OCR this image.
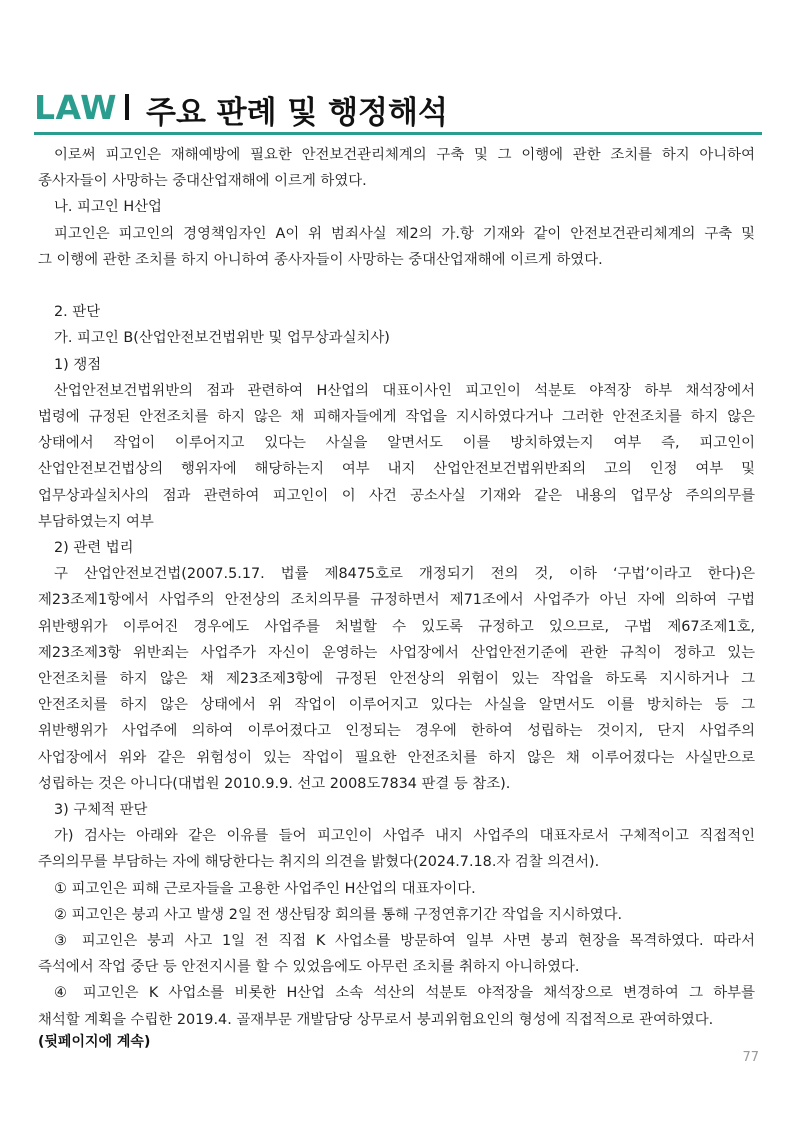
LAW 주요 판례 및 행정해석
이로써 피고인은 재해예방에 필요한 안전보건관리체계의 구축 및 그 이행에 관한 조치를 하지 아니하여
종사자들이 사망하는 중대산업재해에 이르게 하였다.
나. 피고인 H산업
피고인은 피고인의 경영책임자인 A이 위 범죄사실 제2의 가.항 기재와 같이 안전보건관리체계의 구축 및
그 이행에 관한 조치를 하지 아니하여 종사자들이 사망하는 중대산업재해에 이르게 하였다.
2. 판단
가. 피고인 B(산업안전보건법위반 및 업무상과실치사)
1) 쟁점
산업안전보건법위반의 점과 관련하여 H산업의 대표이사인 피고인이 석분토 야적장 하부 채석장에서
법령에 규정된 안전조치를 하지 않은 채 피해자들에게 작업을 지시하였다거나 그러한 안전조치를 하지 않은
상태에서 작업이 이루어지고 있다는 사실을 알면서도 이를 방치하였는지 여부 즉, 피고인이
산업안전보건법상의 행위자에 해당하는지 여부 내지 산업안전보건법위반죄의 고의 인정 여부 및
업무상과실치사의 점과 관련하여 피고인이 이 사건 공소사실 기재와 같은 내용의 업무상 주의의무를
부담하였는지 여부
2) 관련 법리
구 산업안전보건법(2007.5.17. 법률 제8475호로 개정되기 전의 것, 이하 ‘구법’이라고 한다)은
제23조제1항에서 사업주의 안전상의 조치의무를 규정하면서 제71조에서 사업주가 아닌 자에 의하여 구법
위반행위가 이루어진 경우에도 사업주를 처벌할 수 있도록 규정하고 있으므로, 구법 제67조제1호,
제23조제3항 위반죄는 사업주가 자신이 운영하는 사업장에서 산업안전기준에 관한 규칙이 정하고 있는
안전조치를 하지 않은 채 제23조제3항에 규정된 안전상의 위험이 있는 작업을 하도록 지시하거나 그
안전조치를 하지 않은 상태에서 위 작업이 이루어지고 있다는 사실을 알면서도 이를 방치하는 등 그
위반행위가 사업주에 의하여 이루어졌다고 인정되는 경우에 한하여 성립하는 것이지, 단지 사업주의
사업장에서 위와 같은 위험성이 있는 작업이 필요한 안전조치를 하지 않은 채 이루어졌다는 사실만으로
성립하는 것은 아니다(대법원 2010.9.9. 선고 2008도7834 판결 등 참조).
3) 구체적 판단
가) 검사는 아래와 같은 이유를 들어 피고인이 사업주 내지 사업주의 대표자로서 구체적이고 직접적인
주의의무를 부담하는 자에 해당한다는 취지의 의견을 밝혔다(2024.7.18.자 검찰 의견서).
① 피고인은 피해 근로자들을 고용한 사업주인 H산업의 대표자이다.
② 피고인은 붕괴 사고 발생 2일 전 생산팀장 회의를 통해 구정연휴기간 작업을 지시하였다.
③ 피고인은 붕괴 사고 1일 전 직접 K 사업소를 방문하여 일부 사면 붕괴 현장을 목격하였다. 따라서
즉석에서 작업 중단 등 안전지시를 할 수 있었음에도 아무런 조치를 취하지 아니하였다.
④ 피고인은 K 사업소를 비롯한 H산업 소속 석산의 석분토 야적장을 채석장으로 변경하여 그 하부를
채석할 계획을 수립한 2019.4. 골재부문 개발담당 상무로서 붕괴위험요인의 형성에 직접적으로 관여하였다.
(뒷페이지에 계속)
77
